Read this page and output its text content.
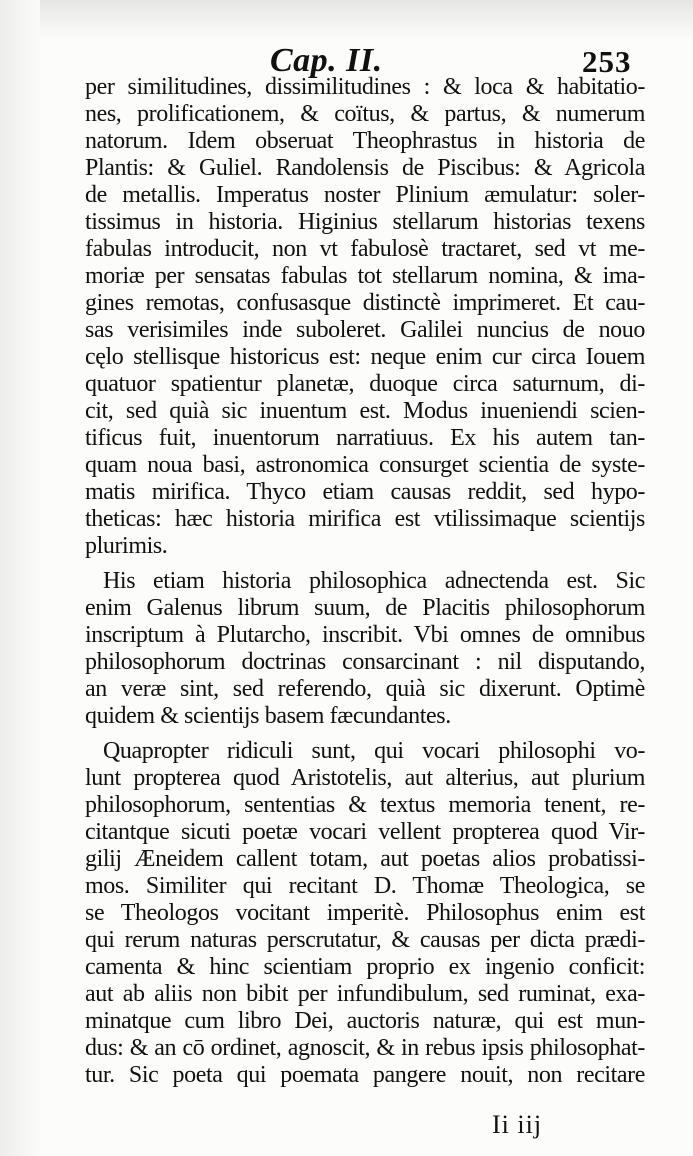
Cap. II.	253
per similitudines, dissimilitudines : & loca & habitatio-
nes, prolificationem, & coïtus, & partus, & numerum
natorum. Idem obseruat Theophrastus in historia de
Plantis: & Guliel. Randolensis de Piscibus: & Agricola
de metallis. Imperatus noster Plinium æmulatur: soler-
tissimus in historia. Higinius stellarum historias texens
fabulas introducit, non vt fabulosè tractaret, sed vt me-
moriæ per sensatas fabulas tot stellarum nomina, & ima-
gines remotas, confusasque distinctè imprimeret. Et cau-
sas verisimiles inde suboleret. Galilei nuncius de nouo
cęlo stellisque historicus est: neque enim cur circa Iouem
quatuor spatientur planetæ, duoque circa saturnum, di-
cit, sed quià sic inuentum est. Modus inueniendi scien-
tificus fuit, inuentorum narratiuus. Ex his autem tan-
quam noua basi, astronomica consurget scientia de syste-
matis mirifica. Thyco etiam causas reddit, sed hypo-
theticas: hæc historia mirifica est vtilissimaque scientijs
plurimis.
His etiam historia philosophica adnectenda est. Sic
enim Galenus librum suum, de Placitis philosophorum
inscriptum à Plutarcho, inscribit. Vbi omnes de omnibus
philosophorum doctrinas consarcinant : nil disputando,
an veræ sint, sed referendo, quià sic dixerunt. Optimè
quidem & scientijs basem fæcundantes.
Quapropter ridiculi sunt, qui vocari philosophi vo-
lunt propterea quod Aristotelis, aut alterius, aut plurium
philosophorum, sententias & textus memoria tenent, re-
citantque sicuti poetæ vocari vellent propterea quod Vir-
gilij Æneidem callent totam, aut poetas alios probatissi-
mos. Similiter qui recitant D. Thomæ Theologica, se
se Theologos vocitant imperitè. Philosophus enim est
qui rerum naturas perscrutatur, & causas per dicta prædi-
camenta & hinc scientiam proprio ex ingenio conficit:
aut ab aliis non bibit per infundibulum, sed ruminat, exa-
minatque cum libro Dei, auctoris naturæ, qui est mun-
dus: & an cō ordinet, agnoscit, & in rebus ipsis philosophat-
tur. Sic poeta qui poemata pangere nouit, non recitare
Ii iij
